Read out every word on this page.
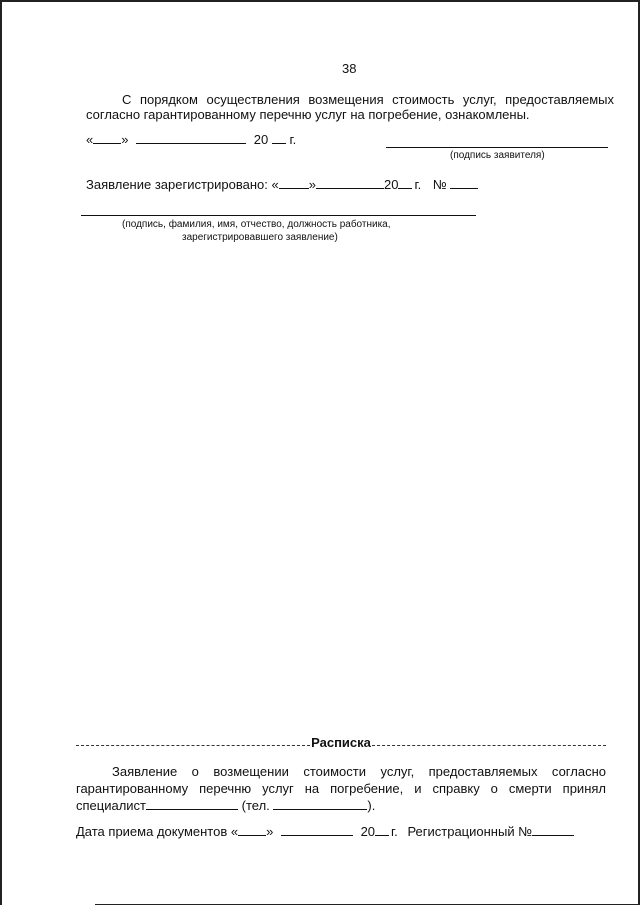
38
С порядком осуществления возмещения стоимость услуг, предоставляемых
согласно гарантированному перечню услуг на погребение, ознакомлены.
« »	20 г.
(подпись заявителя)
Заявление зарегистрировано: « »	20 г. №
(подпись, фамилия, имя, отчество, должность работника,
зарегистрировавшего заявление)
Расписка
Заявление о возмещении стоимости услуг, предоставляемых согласно
гарантированному перечню услуг на погребение, и справку о смерти принял
специалист	(тел.	).
Дата приема документов « »	20 г. Регистрационный №
